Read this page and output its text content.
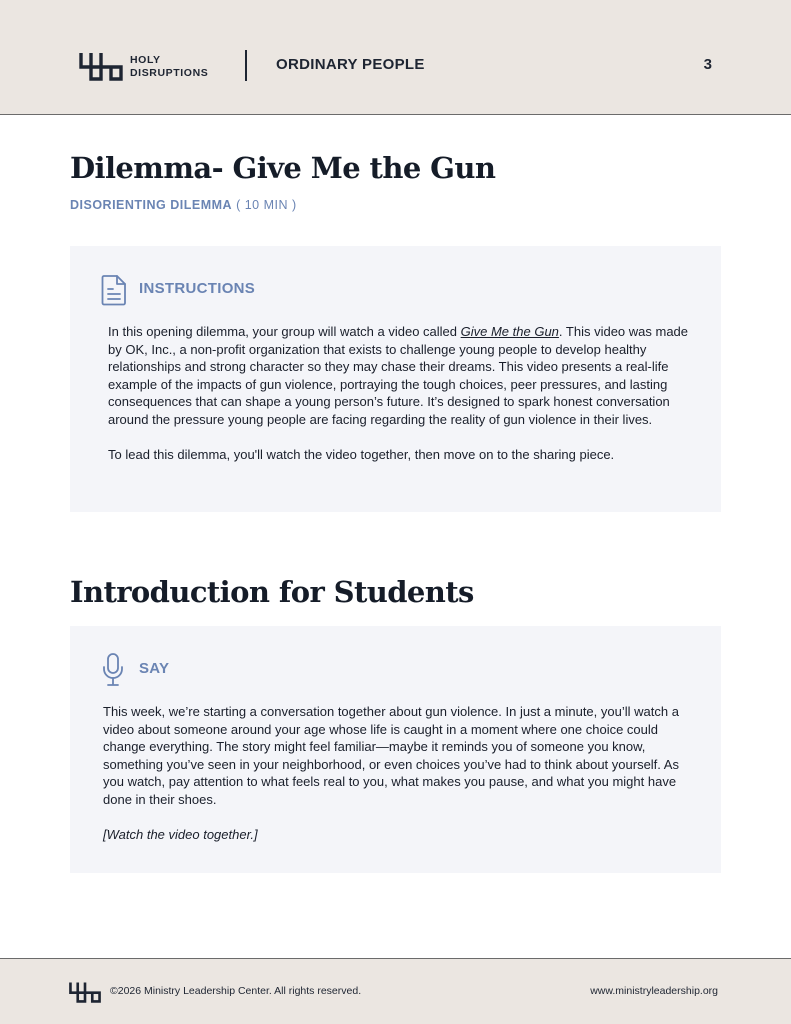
HOLY
DISRUPTIONS	ORDINARY PEOPLE	3
Dilemma- Give Me the Gun
DISORIENTING DILEMMA ( 10 MIN )
INSTRUCTIONS

In this opening dilemma, your group will watch a video called Give Me the Gun. This video was made by OK, Inc., a non-profit organization that exists to challenge young people to develop healthy relationships and strong character so they may chase their dreams. This video presents a real-life example of the impacts of gun violence, portraying the tough choices, peer pressures, and lasting consequences that can shape a young person’s future. It’s designed to spark honest conversation around the pressure young people are facing regarding the reality of gun violence in their lives.

To lead this dilemma, you'll watch the video together, then move on to the sharing piece.

Introduction for Students
SAY

This week, we’re starting a conversation together about gun violence. In just a minute, you’ll watch a video about someone around your age whose life is caught in a moment where one choice could change everything. The story might feel familiar—maybe it reminds you of someone you know, something you’ve seen in your neighborhood, or even choices you’ve had to think about yourself. As you watch, pay attention to what feels real to you, what makes you pause, and what you might have done in their shoes.

[Watch the video together.]

©2026 Ministry Leadership Center. All rights reserved.	www.ministryleadership.org
